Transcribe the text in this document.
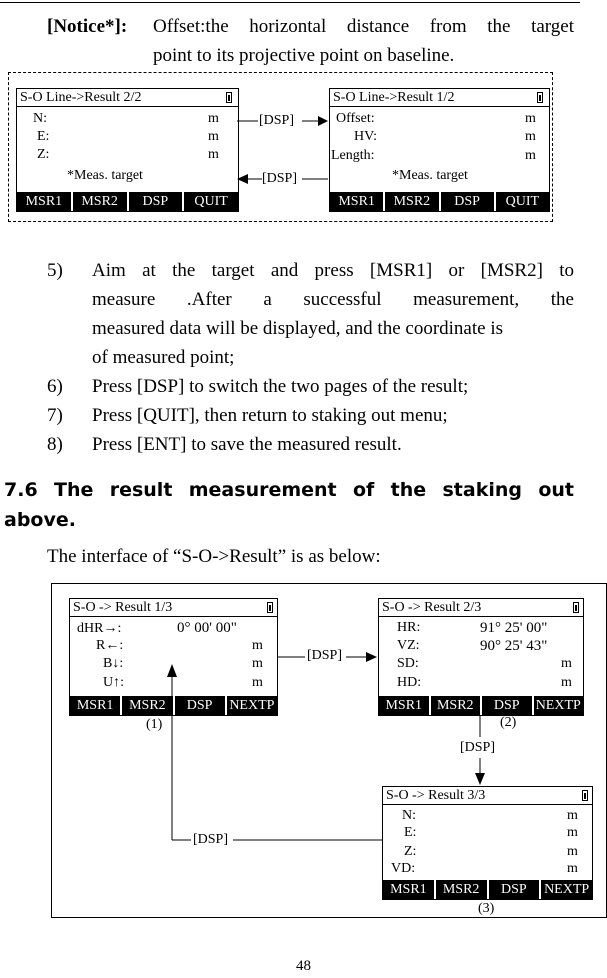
[Notice*]: Offset:the horizontal distance from the target
point to its projective point on baseline.
S-O Line->Result 2/2
N:	m
E:	m
Z:	m
*Meas. target
MSR1	MSR2	DSP	QUIT
S-O Line->Result 1/2
Offset:	m
HV:	m
Length:	m
*Meas. target
MSR1	MSR2	DSP	QUIT
[DSP]
[DSP]
5) Aim at the target and press [MSR1] or [MSR2] to
measure .After a successful measurement, the
measured data will be displayed, and the coordinate is
of measured point;
6) Press [DSP] to switch the two pages of the result;
7) Press [QUIT], then return to staking out menu;
8) Press [ENT] to save the measured result.
7.6 The result measurement of the staking out
above.
The interface of “S-O->Result” is as below:
S-O -> Result 1/3
dHR→:	0° 00' 00"
R←:	m
B↓:	m
U↑:	m
MSR1	MSR2	DSP	NEXTP
(1)
S-O -> Result 2/3
HR:	91° 25' 00"
VZ:	90° 25' 43"
SD:	m
HD:	m
MSR1	MSR2	DSP	NEXTP
(2)
S-O -> Result 3/3
N:	m
E:	m
Z:	m
VD:	m
MSR1	MSR2	DSP	NEXTP
(3)
[DSP]
[DSP]
[DSP]
48
